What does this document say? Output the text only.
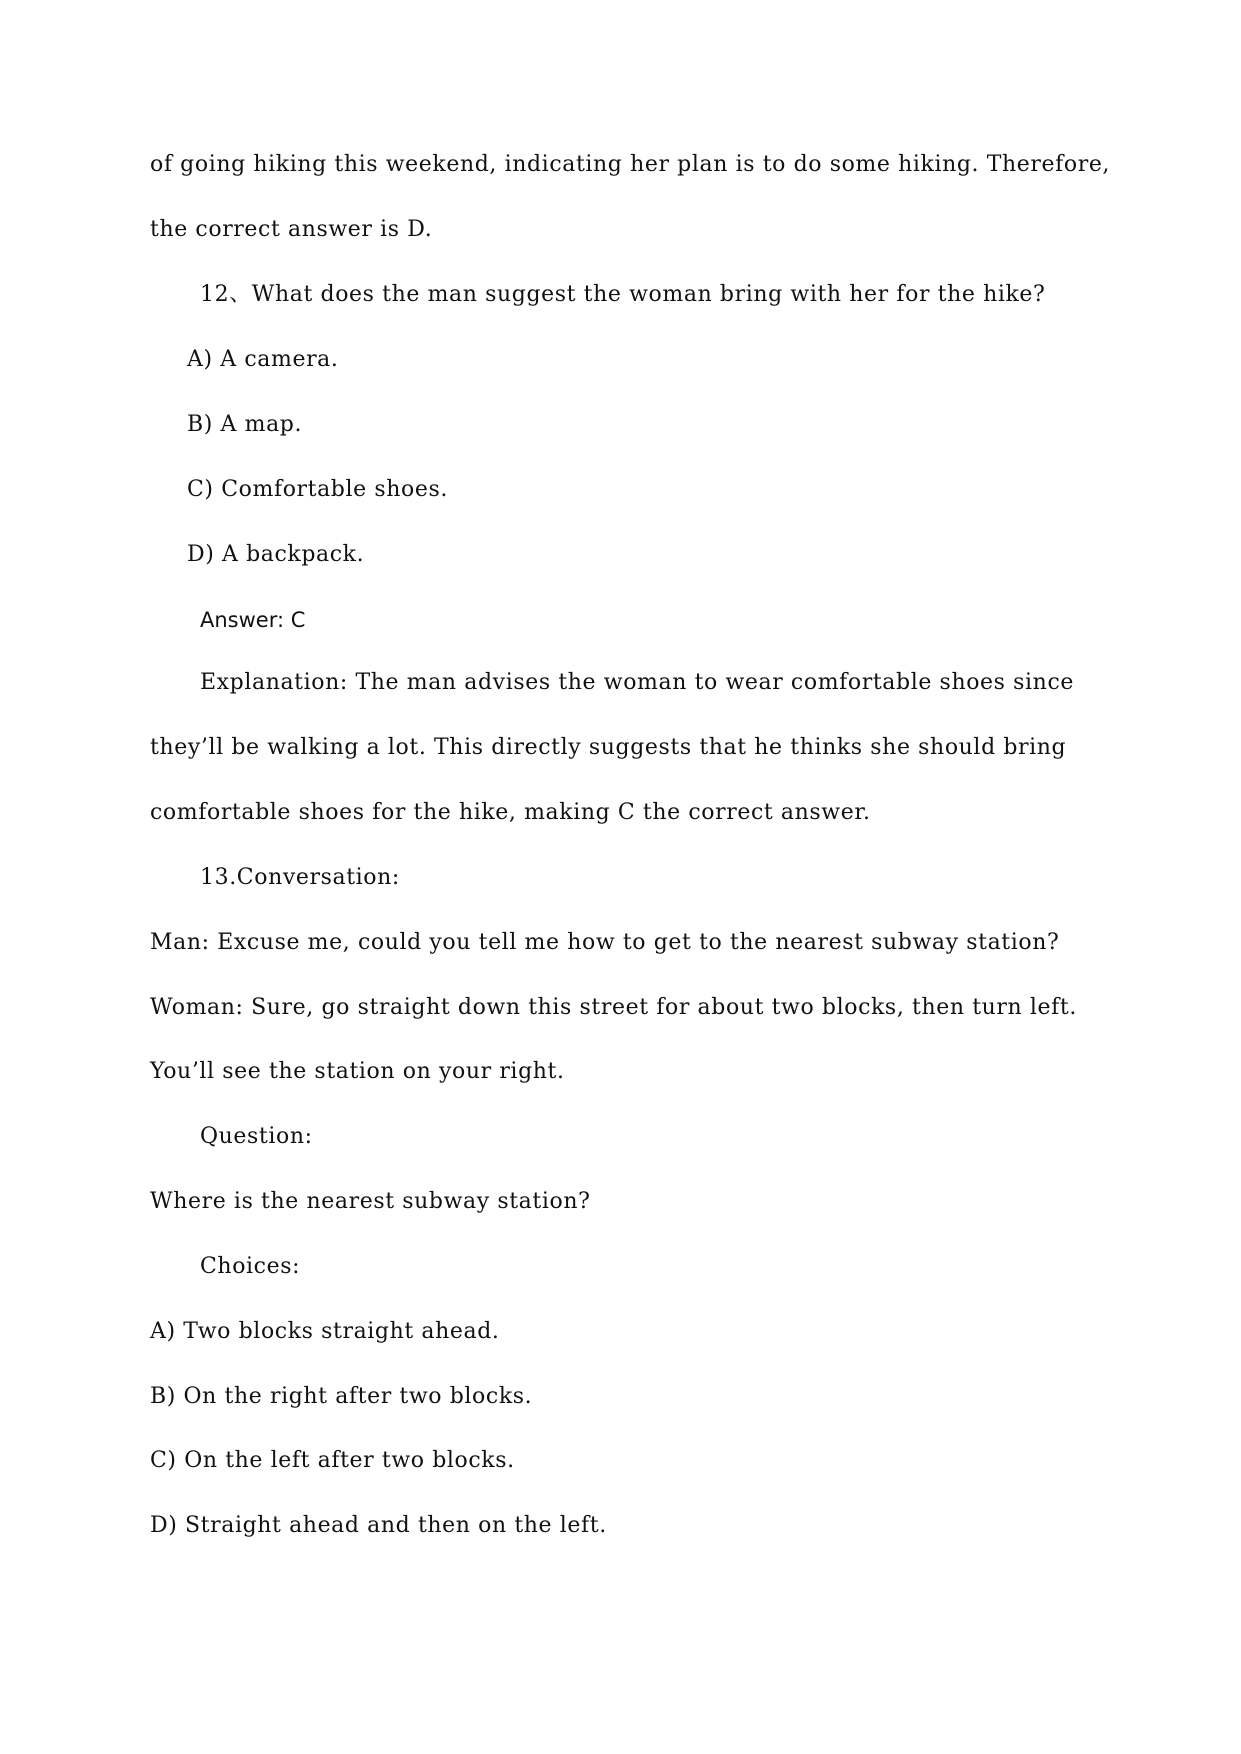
of going hiking this weekend, indicating her plan is to do some hiking. Therefore,
the correct answer is D.
12、What does the man suggest the woman bring with her for the hike?
A) A camera.
B) A map.
C) Comfortable shoes.
D) A backpack.
Answer: C
Explanation: The man advises the woman to wear comfortable shoes since
they’ll be walking a lot. This directly suggests that he thinks she should bring
comfortable shoes for the hike, making C the correct answer.
13.Conversation:
Man: Excuse me, could you tell me how to get to the nearest subway station?
Woman: Sure, go straight down this street for about two blocks, then turn left.
You’ll see the station on your right.
Question:
Where is the nearest subway station?
Choices:
A) Two blocks straight ahead.
B) On the right after two blocks.
C) On the left after two blocks.
D) Straight ahead and then on the left.
